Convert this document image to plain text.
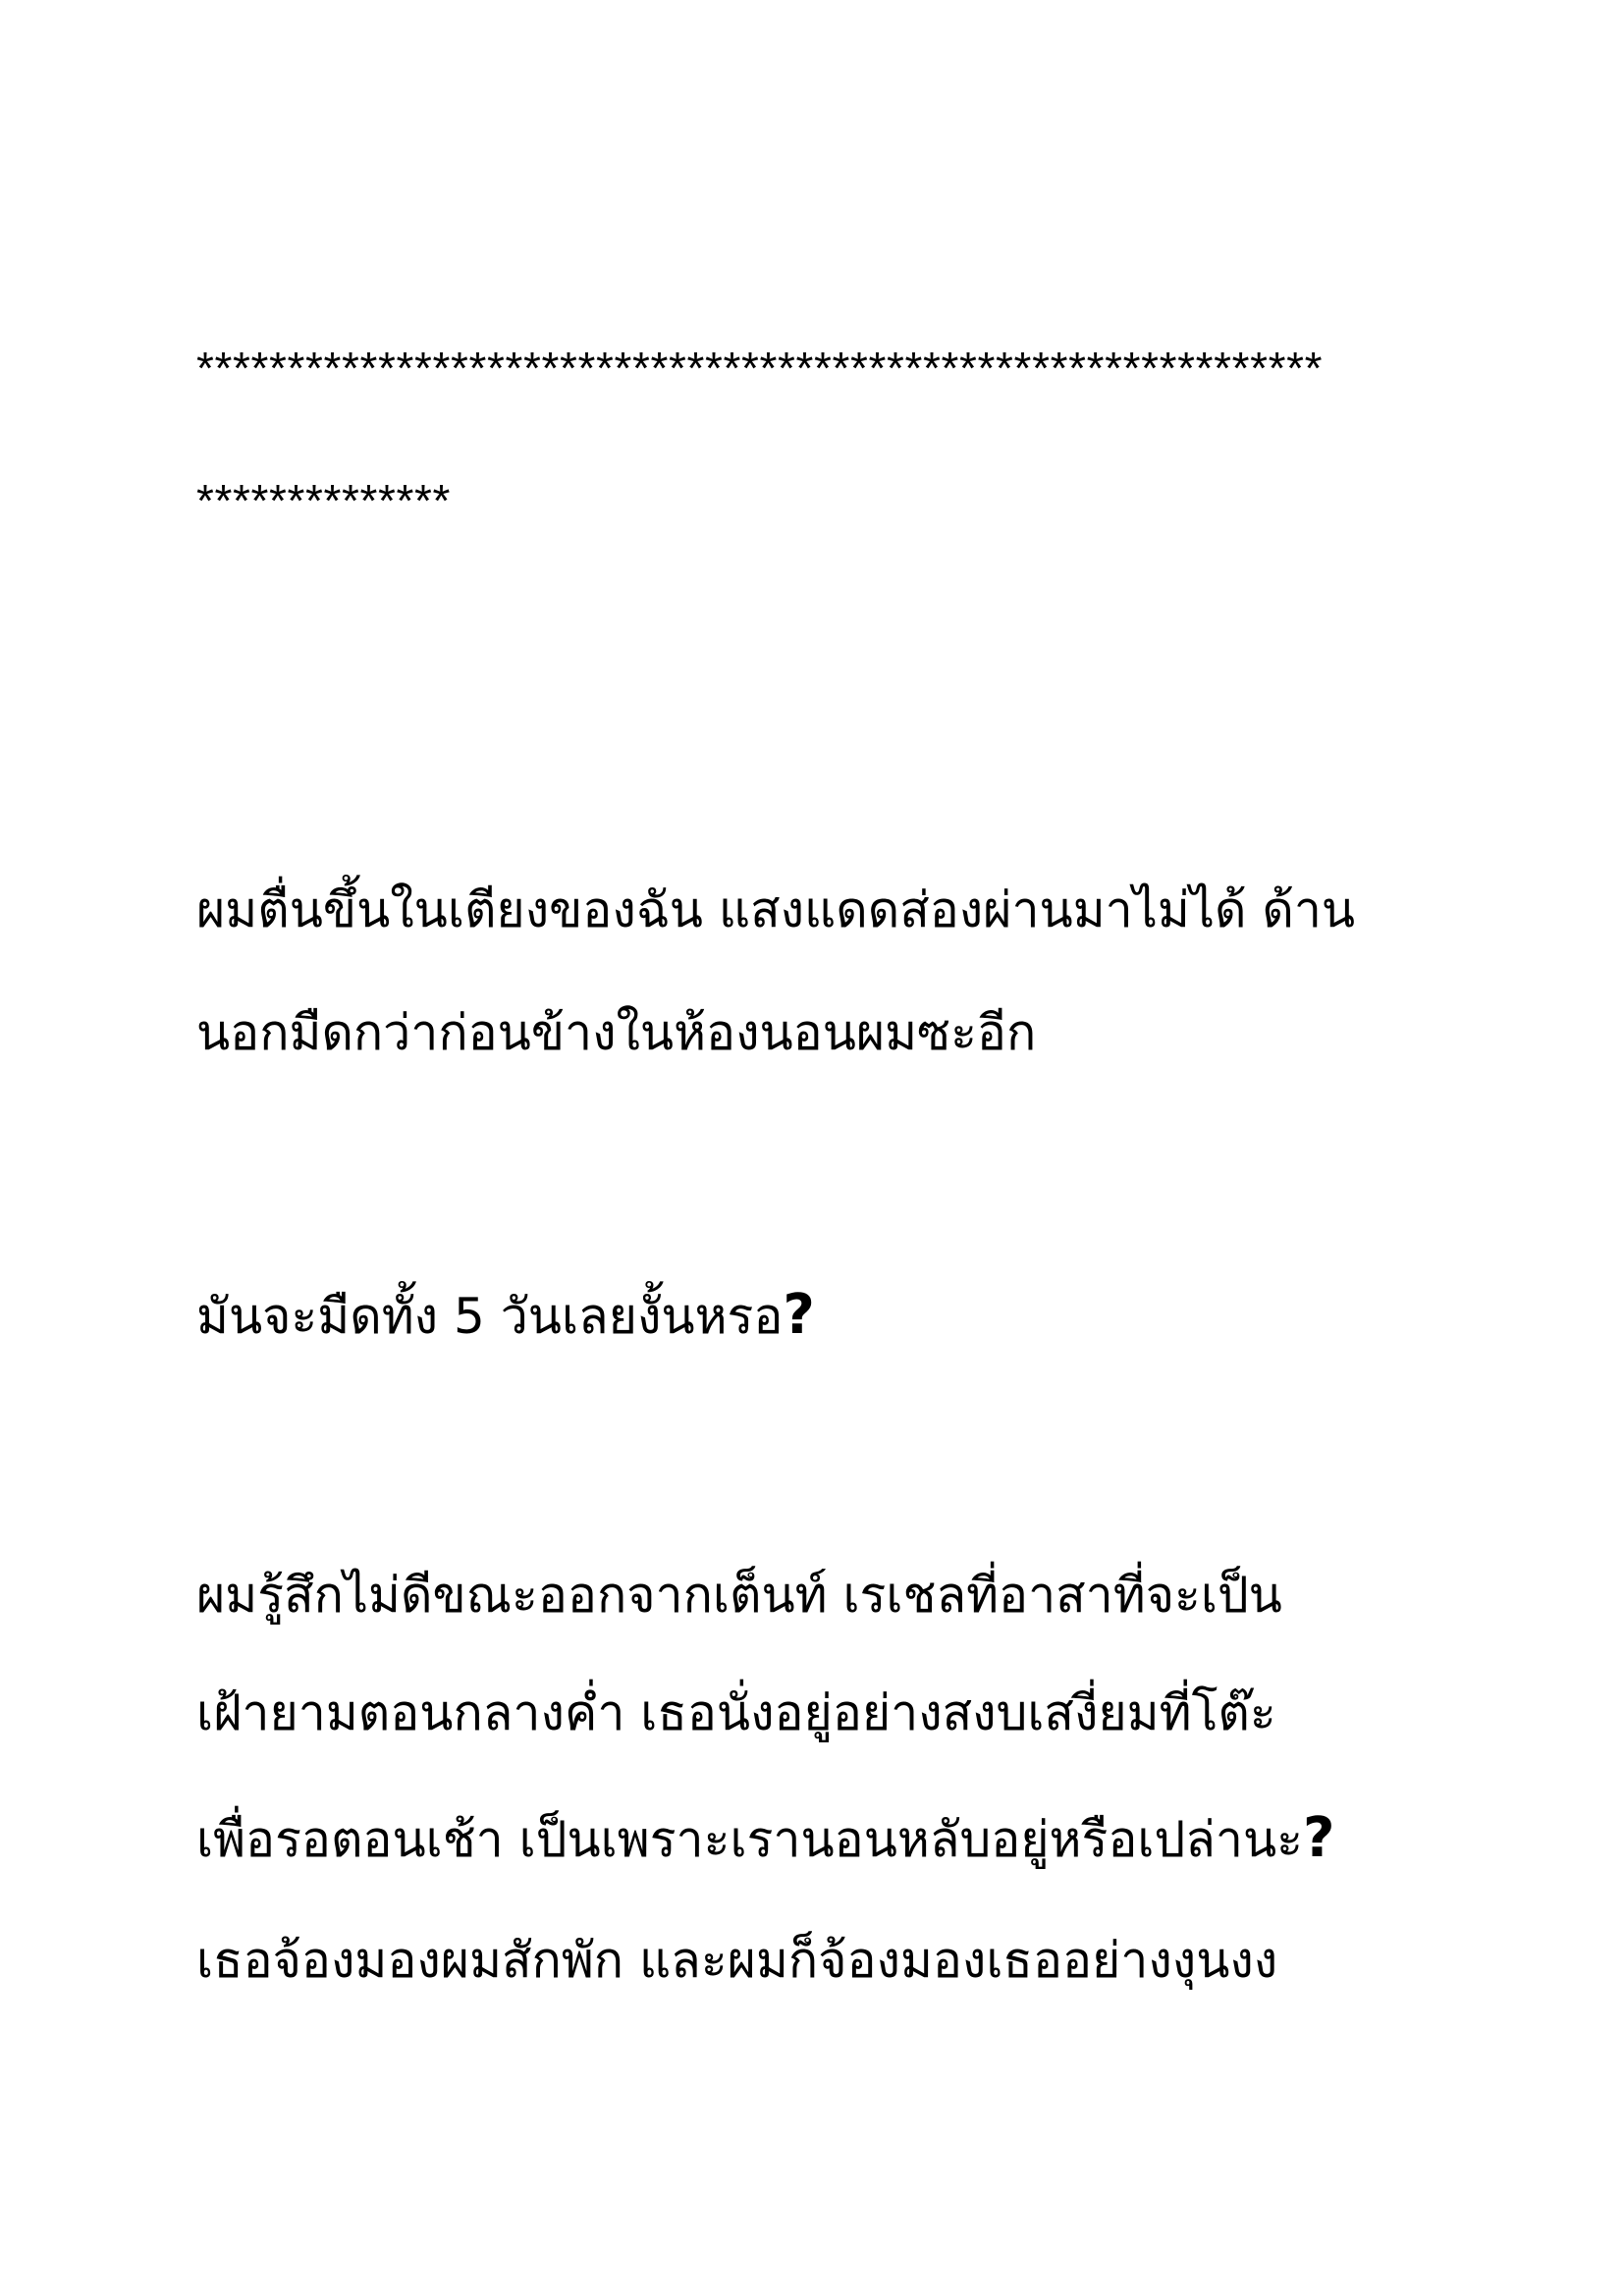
**************************************************************
**************
ผมตื่นขึ้นในเตียงของฉัน แสงแดดส่องผ่านมาไม่ได้ ด้าน
นอกมืดกว่าก่อนข้างในห้องนอนผมซะอีก
มันจะมืดทั้ง 5 วันเลยงั้นหรอ?
ผมรู้สึกไม่ดีขณะออกจากเต็นท์ เรเชลที่อาสาที่จะเป็น
เฝ้ายามตอนกลางค่ำ เธอนั่งอยู่อย่างสงบเสงี่ยมที่โต๊ะ
เพื่อรอตอนเช้า เป็นเพราะเรานอนหลับอยู่หรือเปล่านะ?
เธอจ้องมองผมสักพัก และผมก็จ้องมองเธออย่างงุนงง
